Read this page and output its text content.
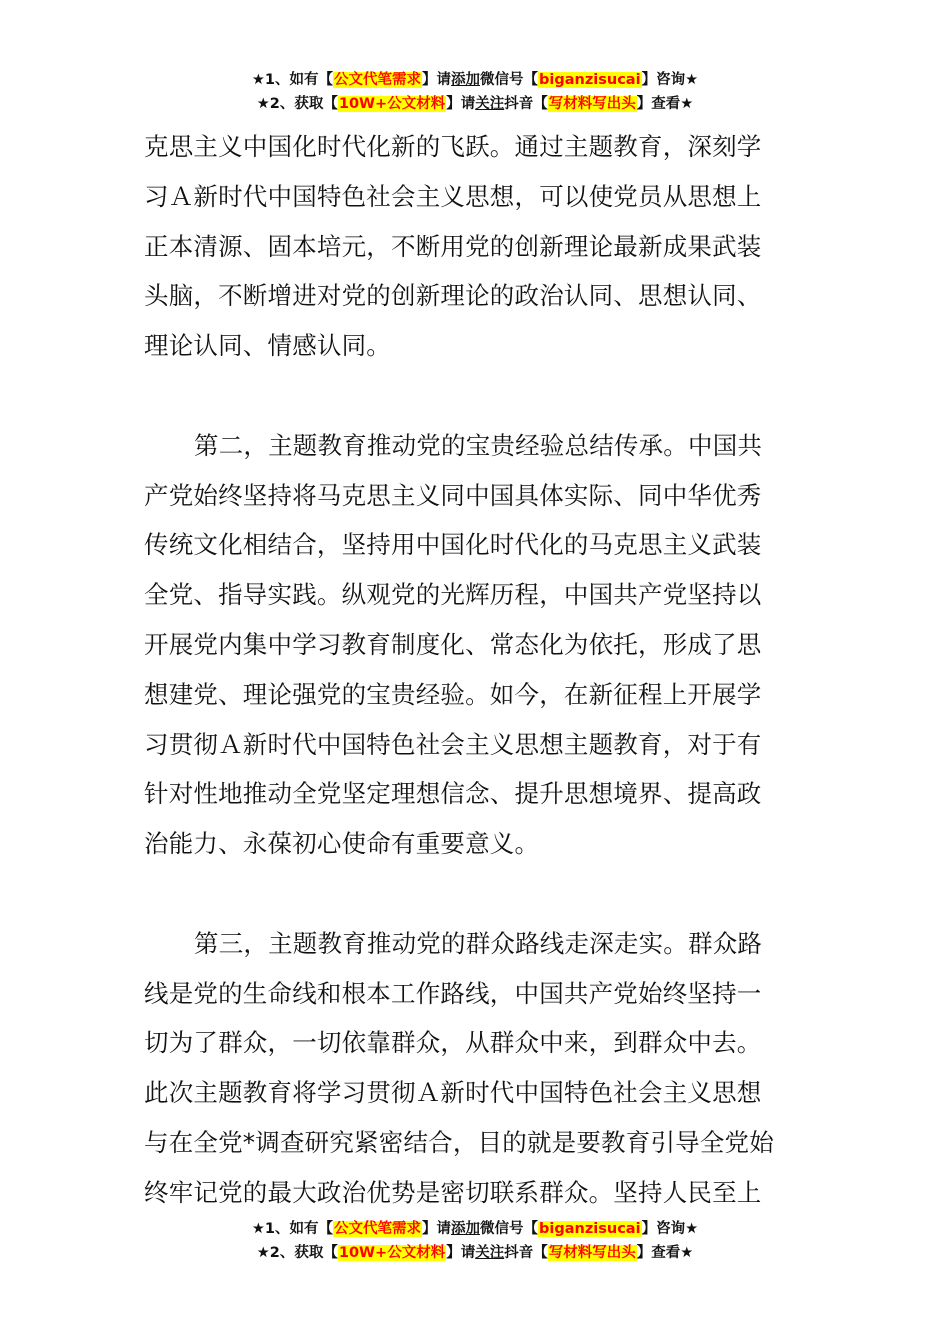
★1、如有【公文代笔需求】请添加微信号【biganzisucai】咨询★
★2、获取【10W+公文材料】请关注抖音【写材料写出头】查看★
克思主义中国化时代化新的飞跃。通过主题教育，深刻学
习Ａ新时代中国特色社会主义思想，可以使党员从思想上
正本清源、固本培元，不断用党的创新理论最新成果武装
头脑，不断增进对党的创新理论的政治认同、思想认同、
理论认同、情感认同。
第二，主题教育推动党的宝贵经验总结传承。中国共
产党始终坚持将马克思主义同中国具体实际、同中华优秀
传统文化相结合，坚持用中国化时代化的马克思主义武装
全党、指导实践。纵观党的光辉历程，中国共产党坚持以
开展党内集中学习教育制度化、常态化为依托，形成了思
想建党、理论强党的宝贵经验。如今，在新征程上开展学
习贯彻Ａ新时代中国特色社会主义思想主题教育，对于有
针对性地推动全党坚定理想信念、提升思想境界、提高政
治能力、永葆初心使命有重要意义。
第三，主题教育推动党的群众路线走深走实。群众路
线是党的生命线和根本工作路线，中国共产党始终坚持一
切为了群众，一切依靠群众，从群众中来，到群众中去。
此次主题教育将学习贯彻Ａ新时代中国特色社会主义思想
与在全党*调查研究紧密结合，目的就是要教育引导全党始
终牢记党的最大政治优势是密切联系群众。坚持人民至上
★1、如有【公文代笔需求】请添加微信号【biganzisucai】咨询★
★2、获取【10W+公文材料】请关注抖音【写材料写出头】查看★
